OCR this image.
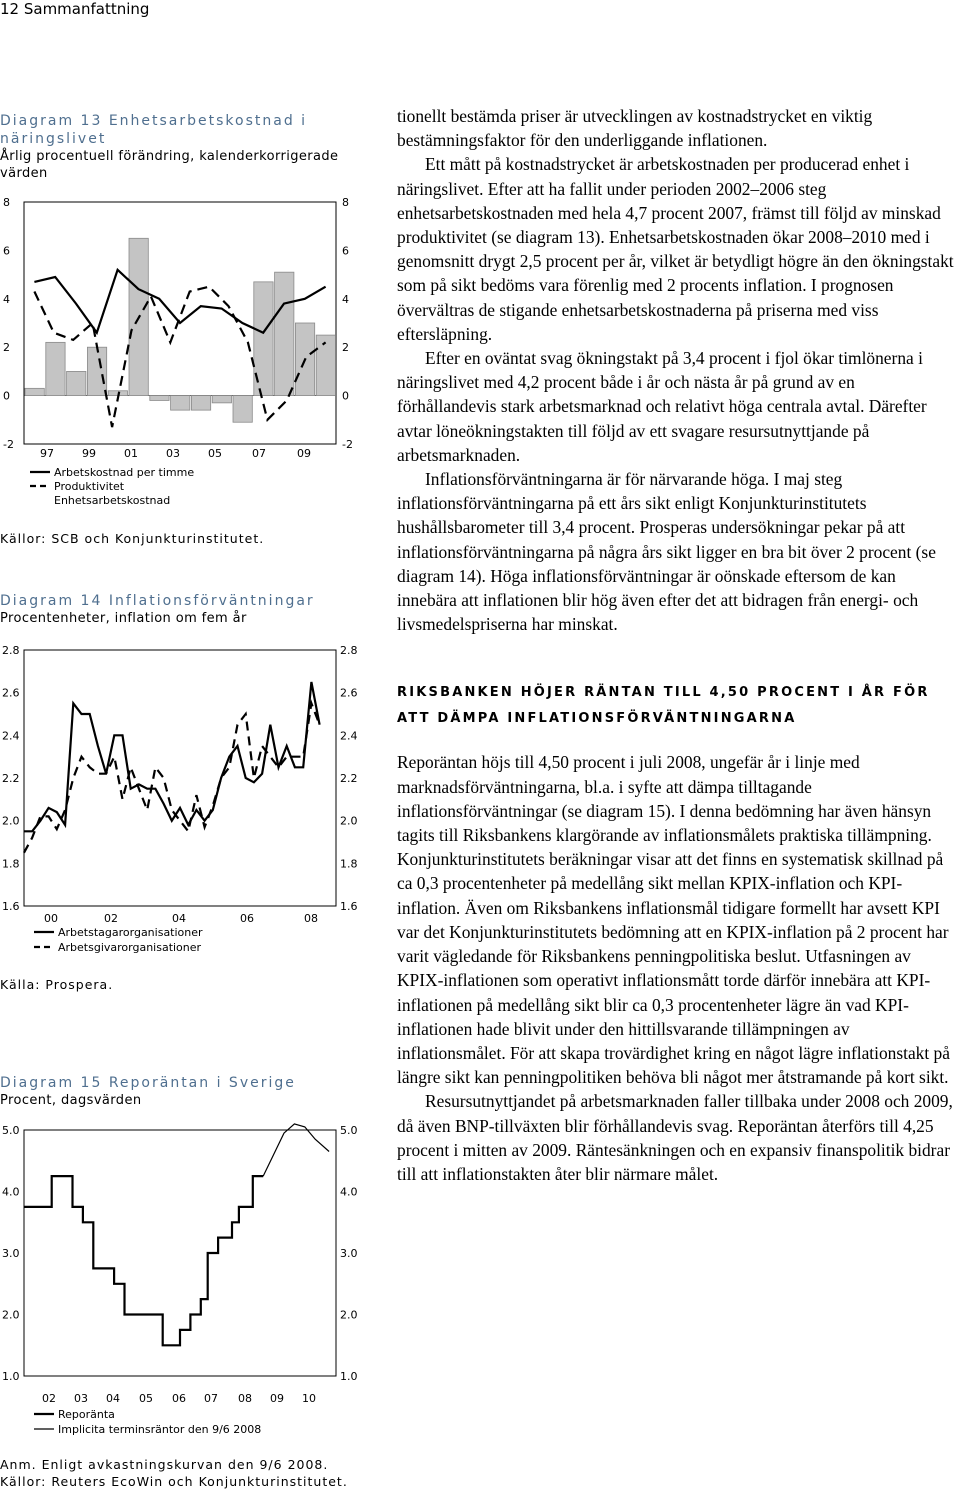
12 Sammanfattning
Diagram 13 Enhetsarbetskostnad i näringslivet
Årlig procentuell förändring, kalenderkorrigerade värden
8	8
6	6
4	4
2	2
0	0
-2	-2
97	99	01	03	05	07	09
Arbetskostnad per timme
Produktivitet
Enhetsarbetskostnad
Källor: SCB och Konjunkturinstitutet.
Diagram 14 Inflationsförväntningar
Procentenheter, inflation om fem år
2.8	2.8
2.6	2.6
2.4	2.4
2.2	2.2
2.0	2.0
1.8	1.8
1.6	1.6
00	02	04	06	08
Arbetstagarorganisationer
Arbetsgivarorganisationer
Källa: Prospera.
Diagram 15 Reporäntan i Sverige
Procent, dagsvärden
5.0	5.0
4.0	4.0
3.0	3.0
2.0	2.0
1.0	1.0
02 03 04 05 06 07 08 09 10
Reporänta
Implicita terminsräntor den 9/6 2008
Anm. Enligt avkastningskurvan den 9/6 2008.
Källor: Reuters EcoWin och Konjunkturinstitutet.

tionellt bestämda priser är utvecklingen av kostnadstrycket en viktig bestämningsfaktor för den underliggande inflationen.

Ett mått på kostnadstrycket är arbetskostnaden per producerad enhet i näringslivet. Efter att ha fallit under perioden 2002–2006 steg enhetsarbetskostnaden med hela 4,7 procent 2007, främst till följd av minskad produktivitet (se diagram 13). Enhetsarbetskostnaden ökar 2008–2010 med i genomsnitt drygt 2,5 procent per år, vilket är betydligt högre än den ökningstakt som på sikt bedöms vara förenlig med 2 procents inflation. I prognosen övervältras de stigande enhetsarbetskostnaderna på priserna med viss eftersläpning.

Efter en oväntat svag ökningstakt på 3,4 procent i fjol ökar timlönerna i näringslivet med 4,2 procent både i år och nästa år på grund av en förhållandevis stark arbetsmarknad och relativt höga centrala avtal. Därefter avtar löneökningstakten till följd av ett svagare resursutnyttjande på arbetsmarknaden.

Inflationsförväntningarna är för närvarande höga. I maj steg inflationsförväntningarna på ett års sikt enligt Konjunkturinstitutets hushållsbarometer till 3,4 procent. Prosperas undersökningar pekar på att inflationsförväntningarna på några års sikt ligger en bra bit över 2 procent (se diagram 14). Höga inflationsförväntningar är oönskade eftersom de kan innebära att inflationen blir hög även efter det att bidragen från energi- och livsmedelspriserna har minskat.

RIKSBANKEN HÖJER RÄNTAN TILL 4,50 PROCENT I ÅR FÖR ATT DÄMPA INFLATIONSFÖRVÄNTNINGARNA

Reporäntan höjs till 4,50 procent i juli 2008, ungefär år i linje med marknadsförväntningarna, bl.a. i syfte att dämpa tilltagande inflationsförväntningar (se diagram 15). I denna bedömning har även hänsyn tagits till Riksbankens klargörande av inflationsmålets praktiska tillämpning. Konjunkturinstitutets beräkningar visar att det finns en systematisk skillnad på ca 0,3 procentenheter på medellång sikt mellan KPIX-inflation och KPI-inflation. Även om Riksbankens inflationsmål tidigare formellt har avsett KPI var det Konjunkturinstitutets bedömning att en KPIX-inflation på 2 procent har varit vägledande för Riksbankens penningpolitiska beslut. Utfasningen av KPIX-inflationen som operativt inflationsmått torde därför innebära att KPI-inflationen på medellång sikt blir ca 0,3 procentenheter lägre än vad KPI-inflationen hade blivit under den hittillsvarande tillämpningen av inflationsmålet. För att skapa trovärdighet kring en något lägre inflationstakt på längre sikt kan penningpolitiken behöva bli något mer åtstramande på kort sikt.

Resursutnyttjandet på arbetsmarknaden faller tillbaka under 2008 och 2009, då även BNP-tillväxten blir förhållandevis svag. Reporäntan återförs till 4,25 procent i mitten av 2009. Räntesänkningen och en expansiv finanspolitik bidrar till att inflationstakten åter blir närmare målet.
